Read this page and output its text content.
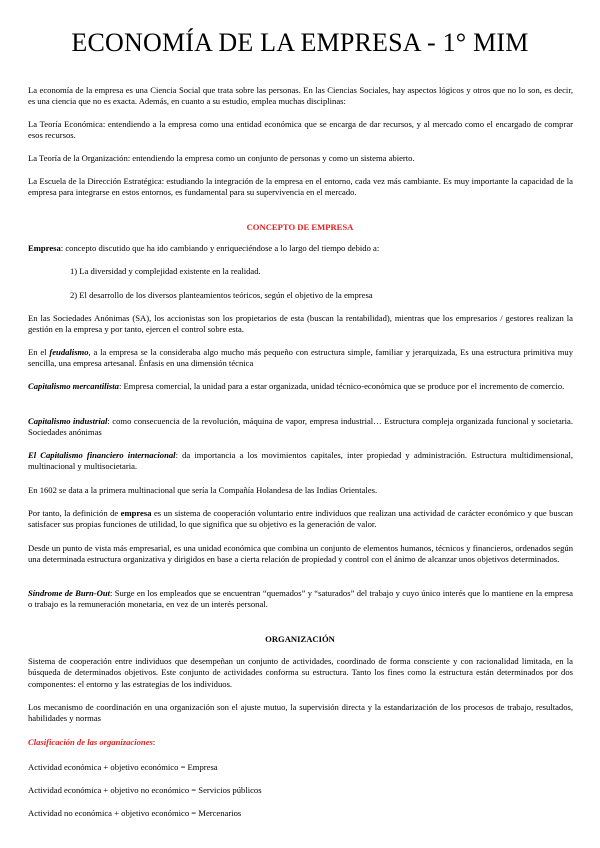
ECONOMÍA DE LA EMPRESA - 1° MIM

La economía de la empresa es una Ciencia Social que trata sobre las personas. En las Ciencias Sociales, hay aspectos lógicos y otros que no lo son, es decir, es una ciencia que no es exacta. Además, en cuanto a su estudio, emplea muchas disciplinas:

La Teoría Económica: entendiendo a la empresa como una entidad económica que se encarga de dar recursos, y al mercado como el encargado de comprar esos recursos.

La Teoría de la Organización: entendiendo la empresa como un conjunto de personas y como un sistema abierto.

La Escuela de la Dirección Estratégica: estudiando la integración de la empresa en el entorno, cada vez más cambiante. Es muy importante la capacidad de la empresa para integrarse en estos entornos, es fundamental para su supervivencia en el mercado.

CONCEPTO DE EMPRESA

Empresa: concepto discutido que ha ido cambiando y enriqueciéndose a lo largo del tiempo debido a:

1) La diversidad y complejidad existente en la realidad.

2) El desarrollo de los diversos planteamientos teóricos, según el objetivo de la empresa

En las Sociedades Anónimas (SA), los accionistas son los propietarios de esta (buscan la rentabilidad), mientras que los empresarios / gestores realizan la gestión en la empresa y por tanto, ejercen el control sobre esta.

En el feudalismo, a la empresa se la consideraba algo mucho más pequeño con estructura simple, familiar y jerarquizada, Es una estructura primitiva muy sencilla, una empresa artesanal. Énfasis en una dimensión técnica

Capitalismo mercantilista: Empresa comercial, la unidad para a estar organizada, unidad técnico-económica que se produce por el incremento de comercio.

Capitalismo industrial: como consecuencia de la revolución, máquina de vapor, empresa industrial… Estructura compleja organizada funcional y societaria. Sociedades anónimas

El Capitalismo financiero internacional: da importancia a los movimientos capitales, inter propiedad y administración. Estructura multidimensional, multinacional y multisocietaria.

En 1602 se data a la primera multinacional que sería la Compañía Holandesa de las Indias Orientales.

Por tanto, la definición de empresa es un sistema de cooperación voluntario entre individuos que realizan una actividad de carácter económico y que buscan satisfacer sus propias funciones de utilidad, lo que significa que su objetivo es la generación de valor.

Desde un punto de vista más empresarial, es una unidad económica que combina un conjunto de elementos humanos, técnicos y financieros, ordenados según una determinada estructura organizativa y dirigidos en base a cierta relación de propiedad y control con el ánimo de alcanzar unos objetivos determinados.

Síndrome de Burn-Out: Surge en los empleados que se encuentran “quemados” y “saturados” del trabajo y cuyo único interés que lo mantiene en la empresa o trabajo es la remuneración monetaria, en vez de un interés personal.

ORGANIZACIÓN

Sistema de cooperación entre individuos que desempeñan un conjunto de actividades, coordinado de forma consciente y con racionalidad limitada, en la búsqueda de determinados objetivos. Este conjunto de actividades conforma su estructura. Tanto los fines como la estructura están determinados por dos componentes: el entorno y las estrategias de los individuos.

Los mecanismo de coordinación en una organización son el ajuste mutuo, la supervisión directa y la estandarización de los procesos de trabajo, resultados, habilidades y normas

Clasificación de las organizaciones:

Actividad económica + objetivo económico = Empresa

Actividad económica + objetivo no económico = Servicios públicos

Actividad no económica + objetivo económico = Mercenarios
